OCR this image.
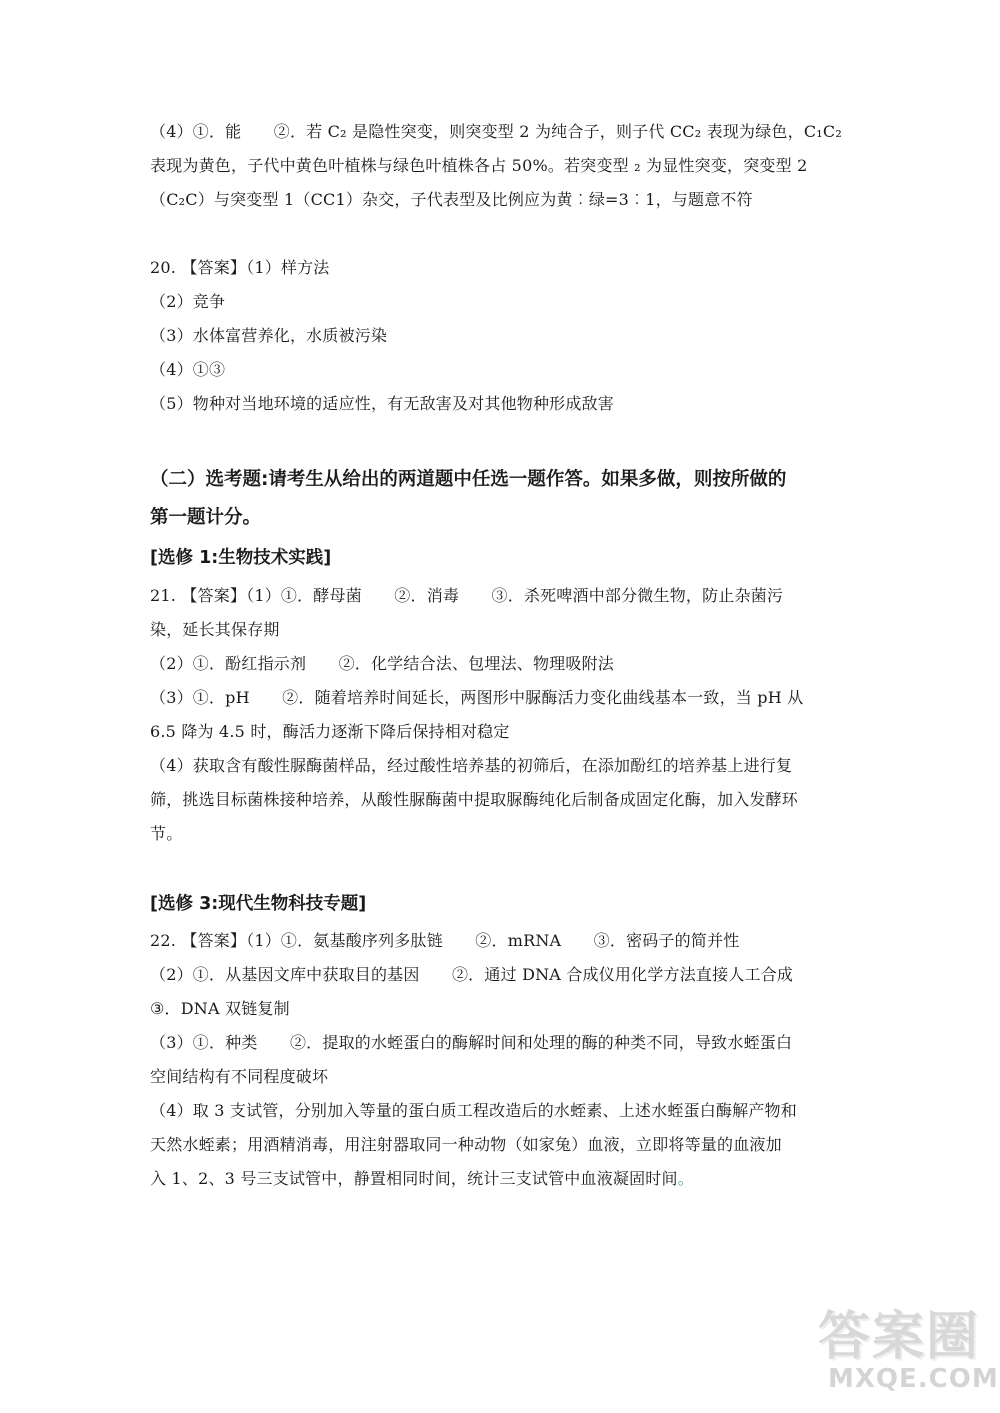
（4）①．能　　②．若 C₂ 是隐性突变，则突变型 2 为纯合子，则子代 CC₂ 表现为绿色，C₁C₂
表现为黄色，子代中黄色叶植株与绿色叶植株各占 50%。若突变型 ₂ 为显性突变，突变型 2
（C₂C）与突变型 1（CC1）杂交，子代表型及比例应为黄︰绿=3︰1，与题意不符
20. 【答案】（1）样方法
（2）竞争
（3）水体富营养化，水质被污染
（4）①③
（5）物种对当地环境的适应性，有无敌害及对其他物种形成敌害
（二）选考题:请考生从给出的两道题中任选一题作答。如果多做，则按所做的
第一题计分。
[选修 1:生物技术实践]
21. 【答案】（1）①．酵母菌　　②．消毒　　③．杀死啤酒中部分微生物，防止杂菌污
染，延长其保存期
（2）①．酚红指示剂　　②．化学结合法、包埋法、物理吸附法
（3）①．pH　　②．随着培养时间延长，两图形中脲酶活力变化曲线基本一致，当 pH 从
6.5 降为 4.5 时，酶活力逐渐下降后保持相对稳定
（4）获取含有酸性脲酶菌样品，经过酸性培养基的初筛后，在添加酚红的培养基上进行复
筛，挑选目标菌株接种培养，从酸性脲酶菌中提取脲酶纯化后制备成固定化酶，加入发酵环
节。
[选修 3:现代生物科技专题]
22. 【答案】（1）①．氨基酸序列多肽链　　②．mRNA　　③．密码子的简并性
（2）①．从基因文库中获取目的基因　　②．通过 DNA 合成仪用化学方法直接人工合成
③．DNA 双链复制
（3）①．种类　　②．提取的水蛭蛋白的酶解时间和处理的酶的种类不同，导致水蛭蛋白
空间结构有不同程度破坏
（4）取 3 支试管，分别加入等量的蛋白质工程改造后的水蛭素、上述水蛭蛋白酶解产物和
天然水蛭素；用酒精消毒，用注射器取同一种动物（如家兔）血液，立即将等量的血液加
入 1、2、3 号三支试管中，静置相同时间，统计三支试管中血液凝固时间。
答案圈
MXQE.COM
